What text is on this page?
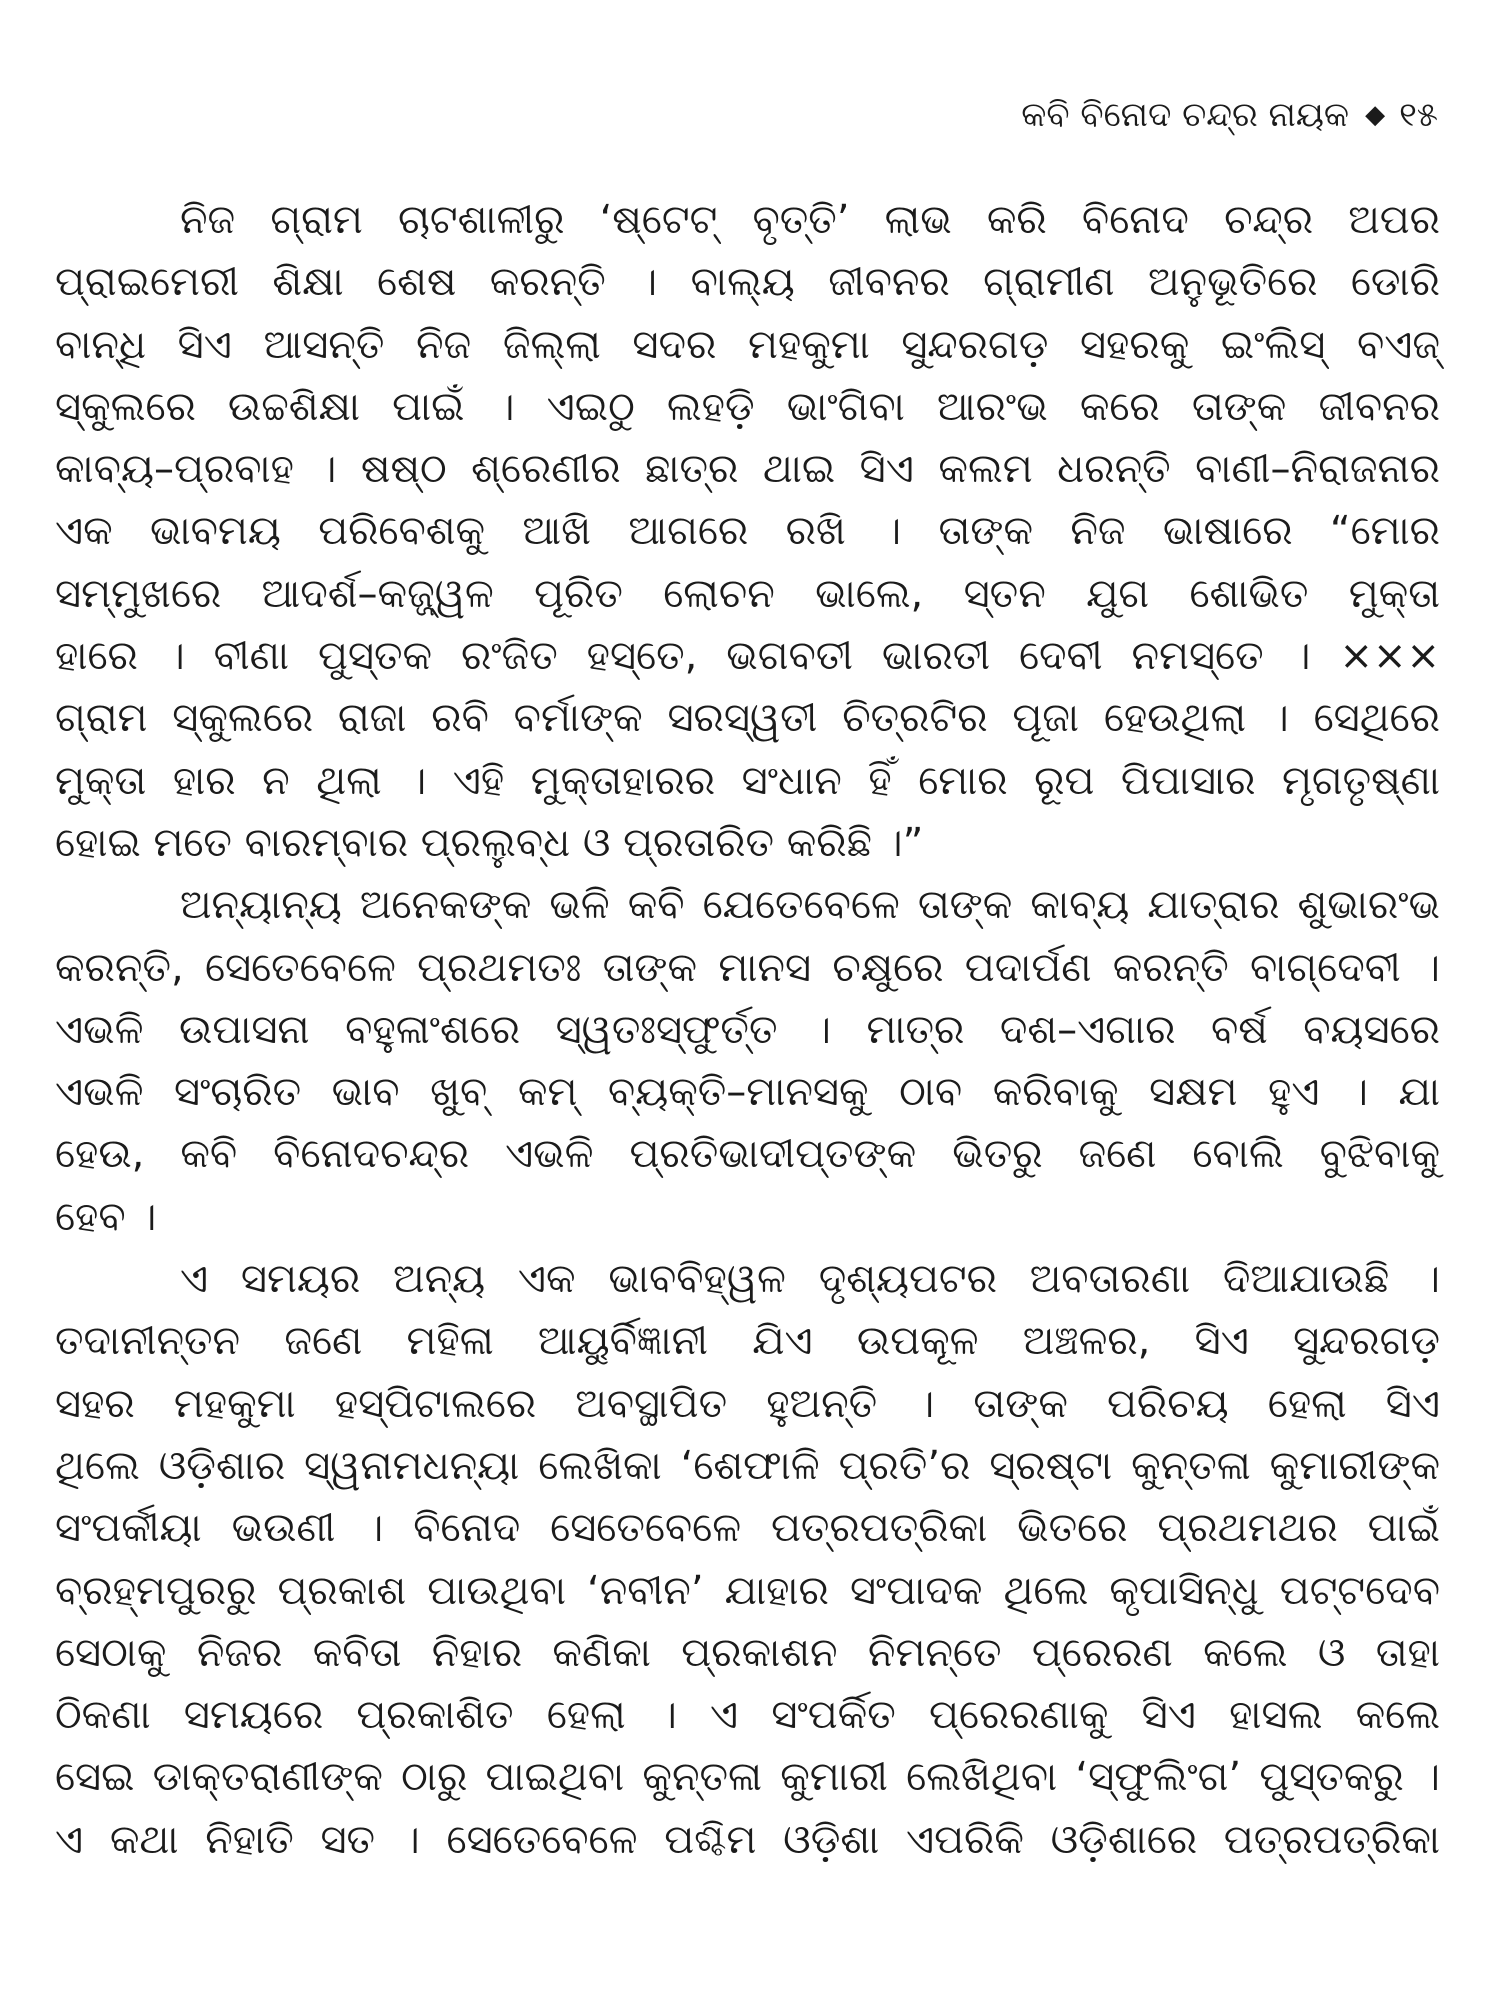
କବି ବିନୋଦ ଚନ୍ଦ୍ର ନାୟକ ◆ ୧୫

ନିଜ ଗ୍ରାମ ଚାଟଶାଳୀରୁ ‘ଷ୍ଟେଟ୍ ବୃତ୍ତି’ ଲାଭ କରି ବିନୋଦ ଚନ୍ଦ୍ର ଅପର
ପ୍ରାଇମେରୀ ଶିକ୍ଷା ଶେଷ କରନ୍ତି । ବାଲ୍ୟ ଜୀବନର ଗ୍ରାମୀଣ ଅନୁଭୂତିରେ ଡୋରି
ବାନ୍ଧି ସିଏ ଆସନ୍ତି ନିଜ ଜିଲ୍ଲା ସଦର ମହକୁମା ସୁନ୍ଦରଗଡ଼ ସହରକୁ ଇଂଲିସ୍ ବଏଜ୍
ସ୍କୁଲରେ ଉଚ୍ଚଶିକ୍ଷା ପାଇଁ । ଏଇଠୁ ଲହଡ଼ି ଭାଂଗିବା ଆରଂଭ କରେ ତାଙ୍କ ଜୀବନର
କାବ୍ୟ–ପ୍ରବାହ । ଷଷ୍ଠ ଶ୍ରେଣୀର ଛାତ୍ର ଥାଇ ସିଏ କଲମ ଧରନ୍ତି ବାଣୀ–ନିରାଜନାର
ଏକ ଭାବମୟ ପରିବେଶକୁ ଆଖି ଆଗରେ ରଖି । ତାଙ୍କ ନିଜ ଭାଷାରେ “ମୋର
ସମ୍ମୁଖରେ ଆଦର୍ଶ–କଜ୍ଜ୍ୱଳ ପୂରିତ ଲୋଚନ ଭାଲେ, ସ୍ତନ ଯୁଗ ଶୋଭିତ ମୁକ୍ତା
ହାରେ । ବୀଣା ପୁସ୍ତକ ରଂଜିତ ହସ୍ତେ, ଭଗବତୀ ଭାରତୀ ଦେବୀ ନମସ୍ତେ । ×××
ଗ୍ରାମ ସ୍କୁଲରେ ରାଜା ରବି ବର୍ମାଙ୍କ ସରସ୍ୱତୀ ଚିତ୍ରଟିର ପୂଜା ହେଉଥିଲା । ସେଥିରେ
ମୁକ୍ତା ହାର ନ ଥିଲା । ଏହି ମୁକ୍ତାହାରର ସଂଧାନ ହିଁ ମୋର ରୂପ ପିପାସାର ମୃଗତୃଷ୍ଣା
ହୋଇ ମତେ ବାରମ୍ବାର ପ୍ରଲୁବ୍ଧ ଓ ପ୍ରତାରିତ କରିଛି ।”

ଅନ୍ୟାନ୍ୟ ଅନେକଙ୍କ ଭଳି କବି ଯେତେବେଳେ ତାଙ୍କ କାବ୍ୟ ଯାତ୍ରାର ଶୁଭାରଂଭ
କରନ୍ତି, ସେତେବେଳେ ପ୍ରଥମତଃ ତାଙ୍କ ମାନସ ଚକ୍ଷୁରେ ପଦାର୍ପଣ କରନ୍ତି ବାଗ୍‌ଦେବୀ ।
ଏଭଳି ଉପାସନା ବହୁଳାଂଶରେ ସ୍ୱତଃସ୍ଫୁର୍ତ୍ତ । ମାତ୍ର ଦଶ–ଏଗାର ବର୍ଷ ବୟସରେ
ଏଭଳି ସଂଚାରିତ ଭାବ ଖୁବ୍ କମ୍ ବ୍ୟକ୍ତି–ମାନସକୁ ଠାବ କରିବାକୁ ସକ୍ଷମ ହୁଏ । ଯା
ହେଉ, କବି ବିନୋଦଚନ୍ଦ୍ର ଏଭଳି ପ୍ରତିଭାଦୀପ୍ତଙ୍କ ଭିତରୁ ଜଣେ ବୋଲି ବୁଝିବାକୁ
ହେବ ।

ଏ ସମୟର ଅନ୍ୟ ଏକ ଭାବବିହ୍ୱଳ ଦୃଶ୍ୟପଟର ଅବତାରଣା ଦିଆଯାଉଛି ।
ତଦାନୀନ୍ତନ ଜଣେ ମହିଳା ଆୟୁର୍ବିଜ୍ଞାନୀ ଯିଏ ଉପକୂଳ ଅଞ୍ଚଳର, ସିଏ ସୁନ୍ଦରଗଡ଼
ସହର ମହକୁମା ହସ୍‌ପିଟାଲରେ ଅବସ୍ଥାପିତ ହୁଅନ୍ତି । ତାଙ୍କ ପରିଚୟ ହେଲା ସିଏ
ଥିଲେ ଓଡ଼ିଶାର ସ୍ୱନାମଧନ୍ୟା ଲେଖିକା ‘ଶେଫାଳି ପ୍ରତି’ର ସ୍ରଷ୍ଟା କୁନ୍ତଳା କୁମାରୀଙ୍କ
ସଂପର୍କୀୟା ଭଉଣୀ । ବିନୋଦ ସେତେବେଳେ ପତ୍ରପତ୍ରିକା ଭିତରେ ପ୍ରଥମଥର ପାଇଁ
ବ୍ରହ୍ମପୁରରୁ ପ୍ରକାଶ ପାଉଥିବା ‘ନବୀନ’ ଯାହାର ସଂପାଦକ ଥିଲେ କୃପାସିନ୍ଧୁ ପଟ୍ଟଦେବ
ସେଠାକୁ ନିଜର କବିତା ନିହାର କଣିକା ପ୍ରକାଶନ ନିମନ୍ତେ ପ୍ରେରଣ କଲେ ଓ ତାହା
ଠିକଣା ସମୟରେ ପ୍ରକାଶିତ ହେଲା । ଏ ସଂପର୍କିତ ପ୍ରେରଣାକୁ ସିଏ ହାସଲ କଲେ
ସେଇ ଡାକ୍ତରାଣୀଙ୍କ ଠାରୁ ପାଇଥିବା କୁନ୍ତଳା କୁମାରୀ ଲେଖିଥିବା ‘ସ୍ଫୁଲିଂଗ’ ପୁସ୍ତକରୁ ।
ଏ କଥା ନିହାତି ସତ । ସେତେବେଳେ ପଶ୍ଚିମ ଓଡ଼ିଶା ଏପରିକି ଓଡ଼ିଶାରେ ପତ୍ରପତ୍ରିକା
